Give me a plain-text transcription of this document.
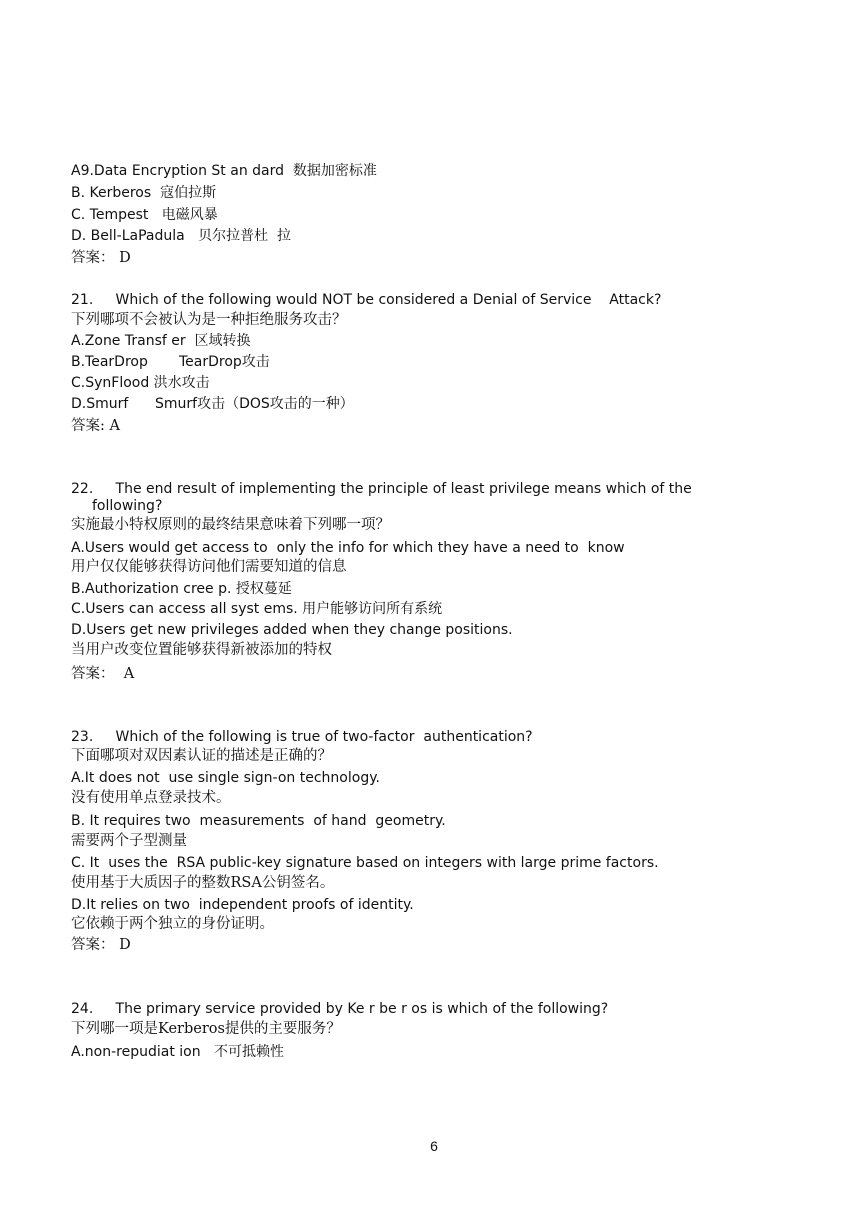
A9.Data Encryption St an dard  数据加密标准
B. Kerberos  寇伯拉斯
C. Tempest   电磁风暴
D. Bell-LaPadula   贝尔拉普杜  拉
答案： D
21.     Which of the following would NOT be considered a Denial of Service    Attack?
下列哪项不会被认为是一种拒绝服务攻击？
A.Zone Transf er  区域转换
B.TearDrop       TearDrop攻击
C.SynFlood 洪水攻击
D.Smurf      Smurf攻击（DOS攻击的一种）
答案: A
22.     The end result of implementing the principle of least privilege means which of the
following?
实施最小特权原则的最终结果意味着下列哪一项？
A.Users would get access to  only the info for which they have a need to  know
用户仅仅能够获得访问他们需要知道的信息
B.Authorization cree p. 授权蔓延
C.Users can access all syst ems. 用户能够访问所有系统
D.Users get new privileges added when they change positions.
当用户改变位置能够获得新被添加的特权
答案：  A
23.     Which of the following is true of two-factor  authentication?
下面哪项对双因素认证的描述是正确的？
A.It does not  use single sign-on technology.
没有使用单点登录技术。
B. It requires two  measurements  of hand  geometry.
需要两个子型测量
C. It  uses the  RSA public-key signature based on integers with large prime factors.
使用基于大质因子的整数RSA公钥签名。
D.It relies on two  independent proofs of identity.
它依赖于两个独立的身份证明。
答案： D
24.     The primary service provided by Ke r be r os is which of the following?
下列哪一项是Kerberos提供的主要服务？
A.non-repudiat ion   不可抵赖性
6
